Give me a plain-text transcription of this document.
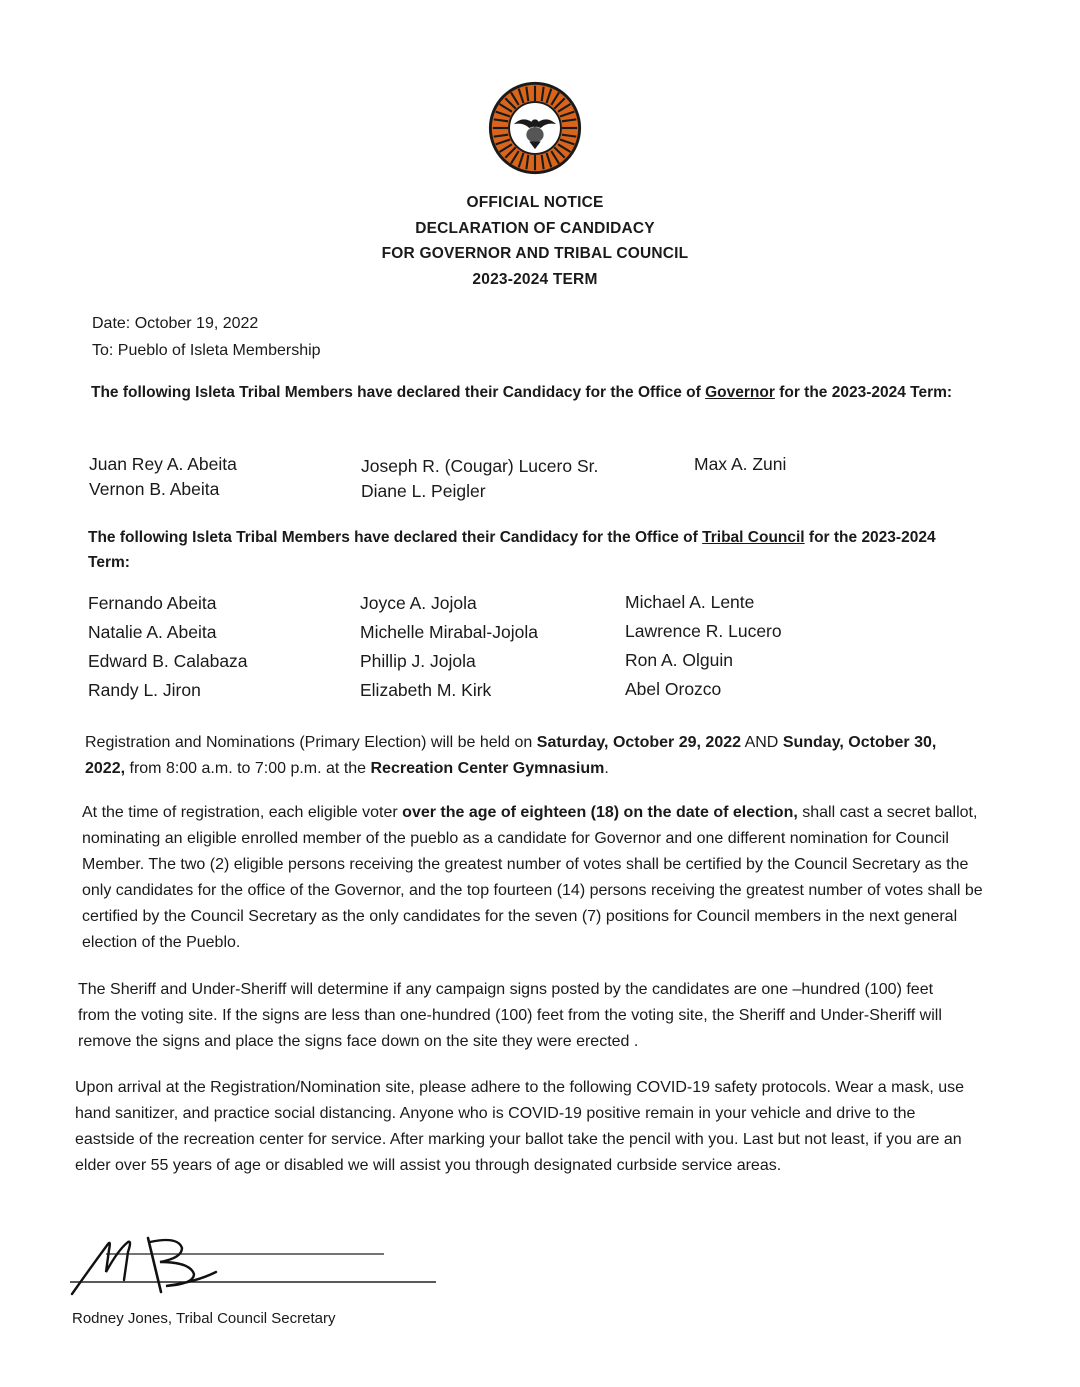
OFFICIAL NOTICE
DECLARATION OF CANDIDACY
FOR GOVERNOR AND TRIBAL COUNCIL
2023-2024 TERM
Date: October 19, 2022
To: Pueblo of Isleta Membership
The following Isleta Tribal Members have declared their Candidacy for the Office of Governor for the 2023-2024 Term:
Juan Rey A. Abeita
Vernon B. Abeita
Joseph R. (Cougar) Lucero Sr.
Diane L. Peigler
Max A. Zuni
The following Isleta Tribal Members have declared their Candidacy for the Office of Tribal Council for the 2023-2024 Term:
Fernando Abeita
Natalie A. Abeita
Edward B. Calabaza
Randy L. Jiron
Joyce A. Jojola
Michelle Mirabal-Jojola
Phillip J. Jojola
Elizabeth M. Kirk
Michael A. Lente
Lawrence R. Lucero
Ron A. Olguin
Abel Orozco
Registration and Nominations (Primary Election) will be held on Saturday, October 29, 2022 AND Sunday, October 30, 2022, from 8:00 a.m. to 7:00 p.m. at the Recreation Center Gymnasium.
At the time of registration, each eligible voter over the age of eighteen (18) on the date of election, shall cast a secret ballot, nominating an eligible enrolled member of the pueblo as a candidate for Governor and one different nomination for Council Member. The two (2) eligible persons receiving the greatest number of votes shall be certified by the Council Secretary as the only candidates for the office of the Governor, and the top fourteen (14) persons receiving the greatest number of votes shall be certified by the Council Secretary as the only candidates for the seven (7) positions for Council members in the next general election of the Pueblo.
The Sheriff and Under-Sheriff will determine if any campaign signs posted by the candidates are one –hundred (100) feet from the voting site. If the signs are less than one-hundred (100) feet from the voting site, the Sheriff and Under-Sheriff will remove the signs and place the signs face down on the site they were erected .
Upon arrival at the Registration/Nomination site, please adhere to the following COVID-19 safety protocols. Wear a mask, use hand sanitizer, and practice social distancing. Anyone who is COVID-19 positive remain in your vehicle and drive to the eastside of the recreation center for service. After marking your ballot take the pencil with you. Last but not least, if you are an elder over 55 years of age or disabled we will assist you through designated curbside service areas.
Rodney Jones, Tribal Council Secretary
